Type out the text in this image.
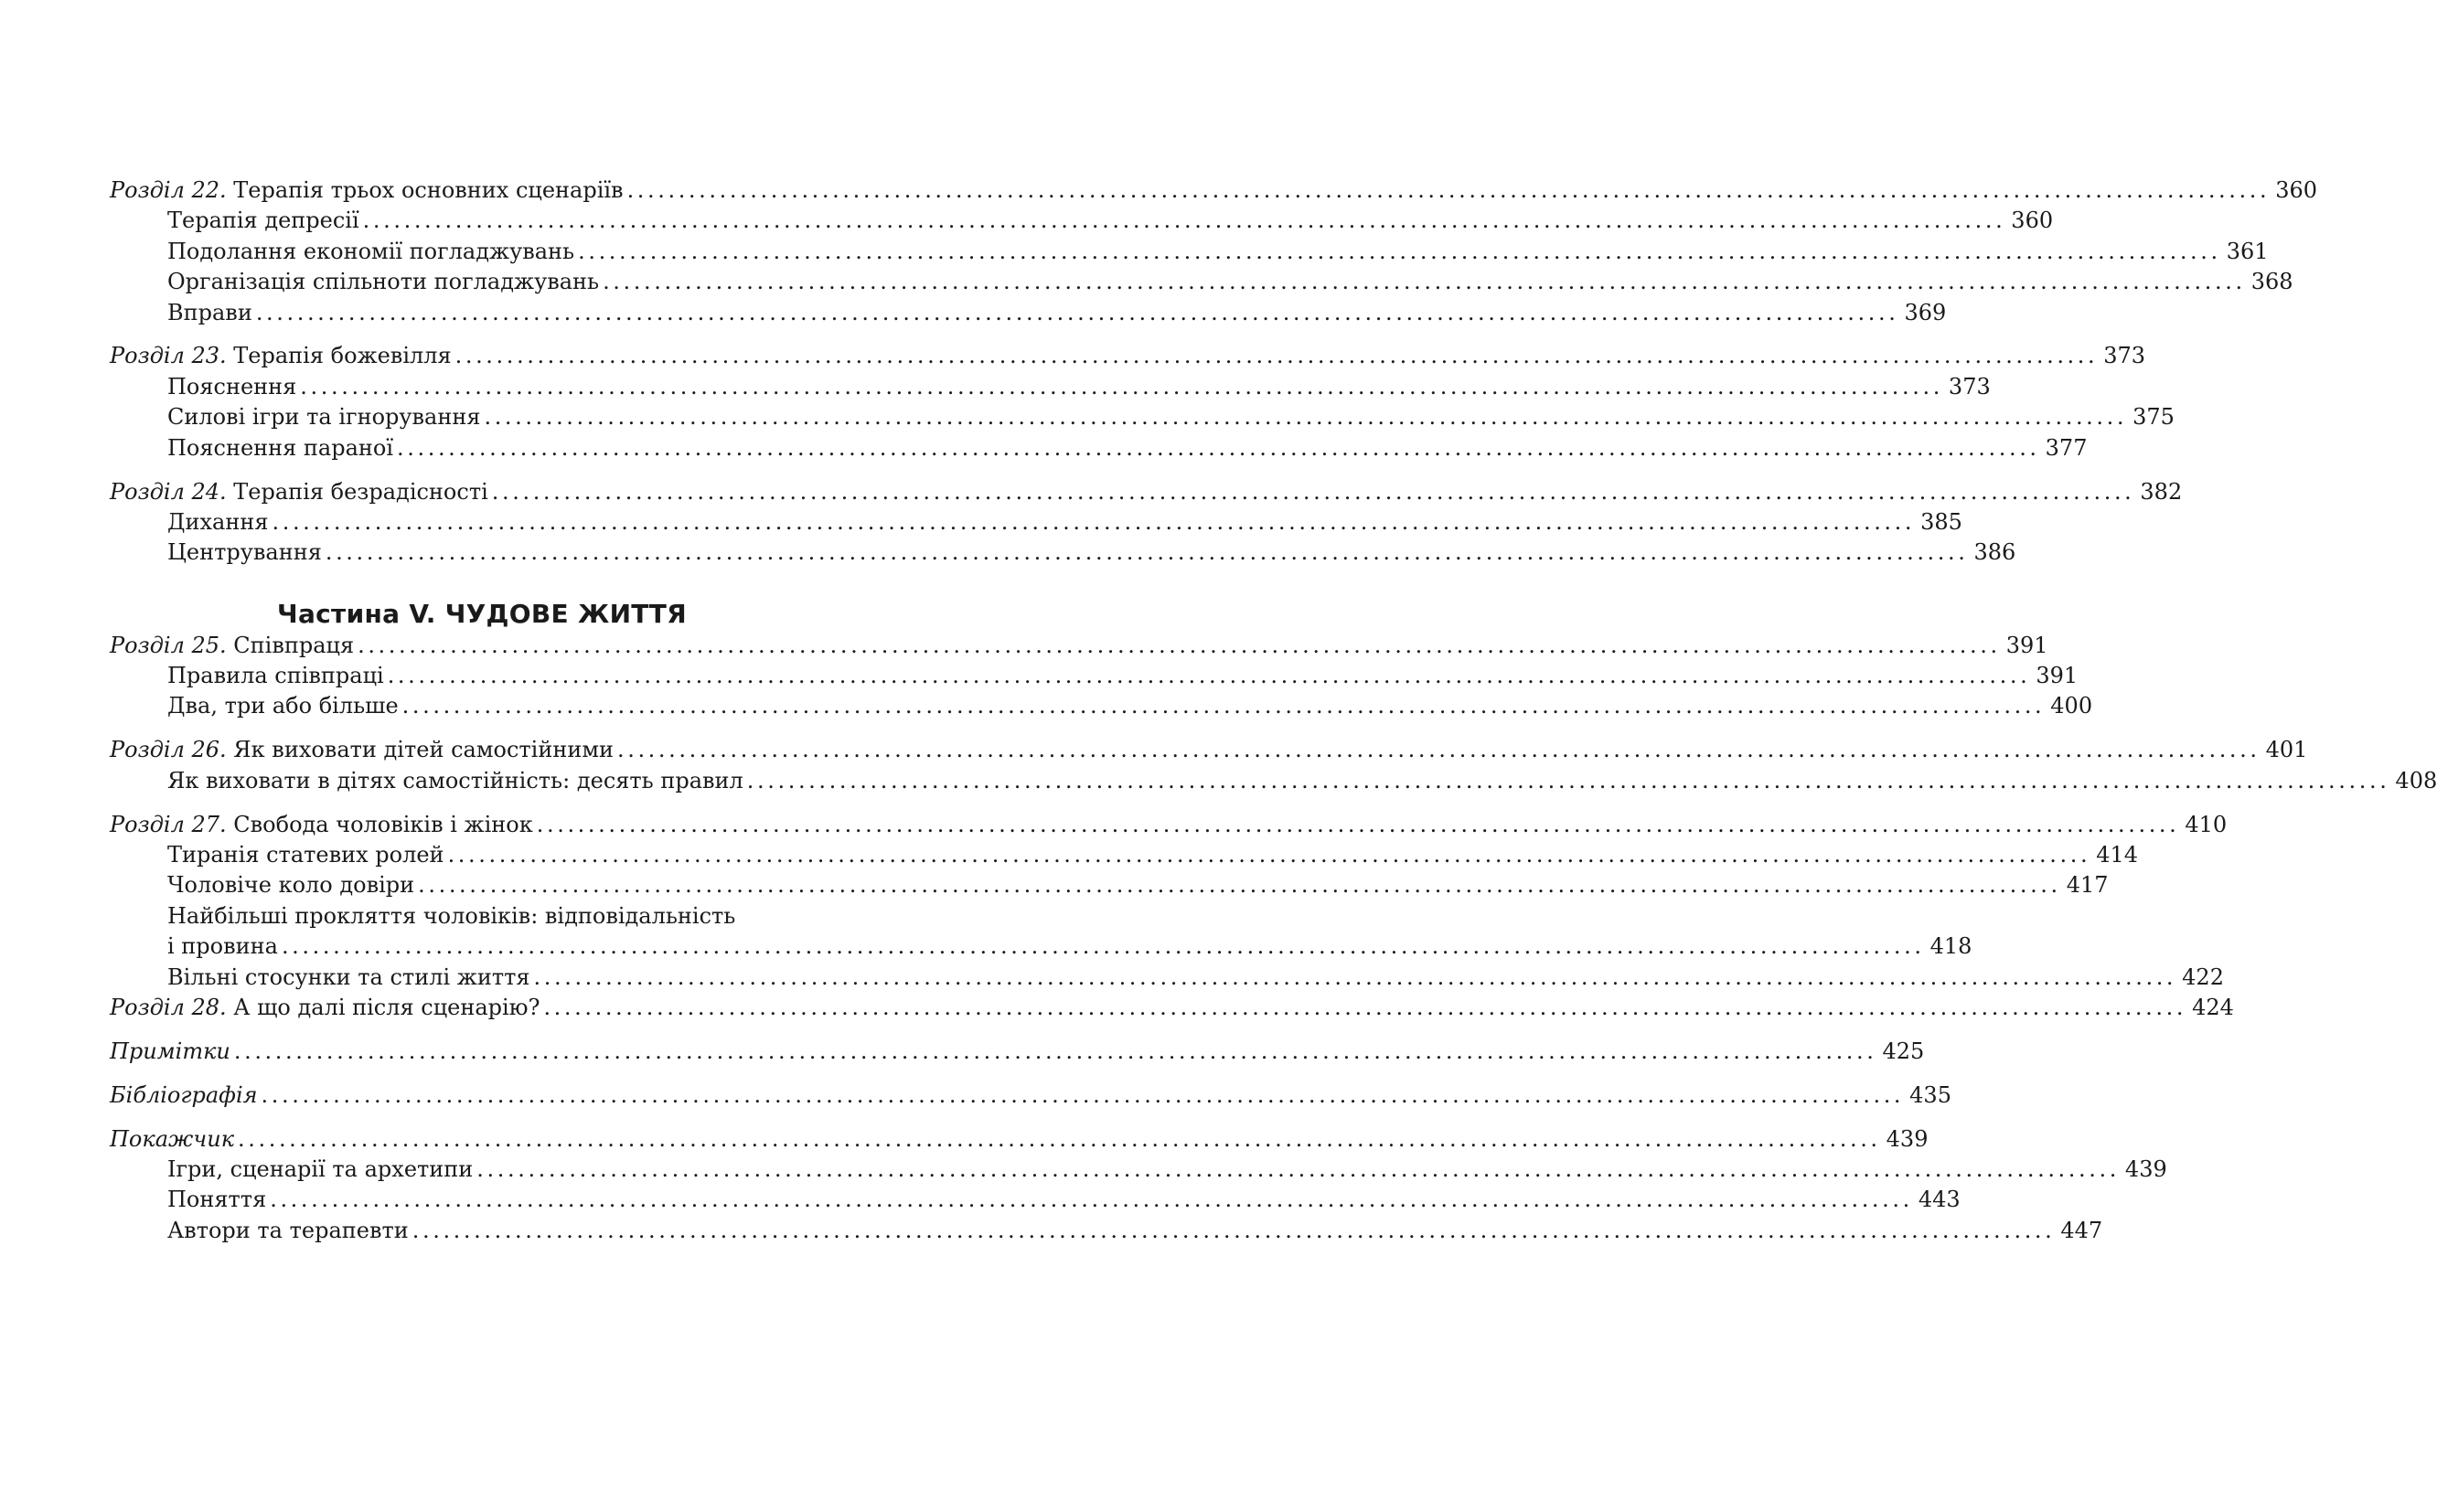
Розділ 22. Терапія трьох основних сценаріїв ................................................................................................................................................................ 360
Терапія депресії ................................................................................................................................................................ 360
Подолання економії погладжувань ................................................................................................................................................................ 361
Організація спільноти погладжувань ................................................................................................................................................................ 368
Вправи ................................................................................................................................................................ 369
Розділ 23. Терапія божевілля ................................................................................................................................................................ 373
Пояснення ................................................................................................................................................................ 373
Силові ігри та ігнорування ................................................................................................................................................................ 375
Пояснення параної ................................................................................................................................................................ 377
Розділ 24. Терапія безрадісності ................................................................................................................................................................ 382
Дихання ................................................................................................................................................................ 385
Центрування ................................................................................................................................................................ 386
Частина V. ЧУДОВЕ ЖИТТЯ
Розділ 25. Співпраця ................................................................................................................................................................ 391
Правила співпраці ................................................................................................................................................................ 391
Два, три або більше ................................................................................................................................................................ 400
Розділ 26. Як виховати дітей самостійними ................................................................................................................................................................ 401
Як виховати в дітях самостійність: десять правил ................................................................................................................................................................ 408
Розділ 27. Свобода чоловіків і жінок ................................................................................................................................................................ 410
Тиранія статевих ролей ................................................................................................................................................................ 414
Чоловіче коло довіри ................................................................................................................................................................ 417
Найбільші прокляття чоловіків: відповідальність
і провина ................................................................................................................................................................ 418
Вільні стосунки та стилі життя ................................................................................................................................................................ 422
Розділ 28. А що далі після сценарію? ................................................................................................................................................................ 424
Примітки ................................................................................................................................................................ 425
Бібліографія ................................................................................................................................................................ 435
Покажчик ................................................................................................................................................................ 439
Ігри, сценарії та архетипи ................................................................................................................................................................ 439
Поняття ................................................................................................................................................................ 443
Автори та терапевти ................................................................................................................................................................ 447
